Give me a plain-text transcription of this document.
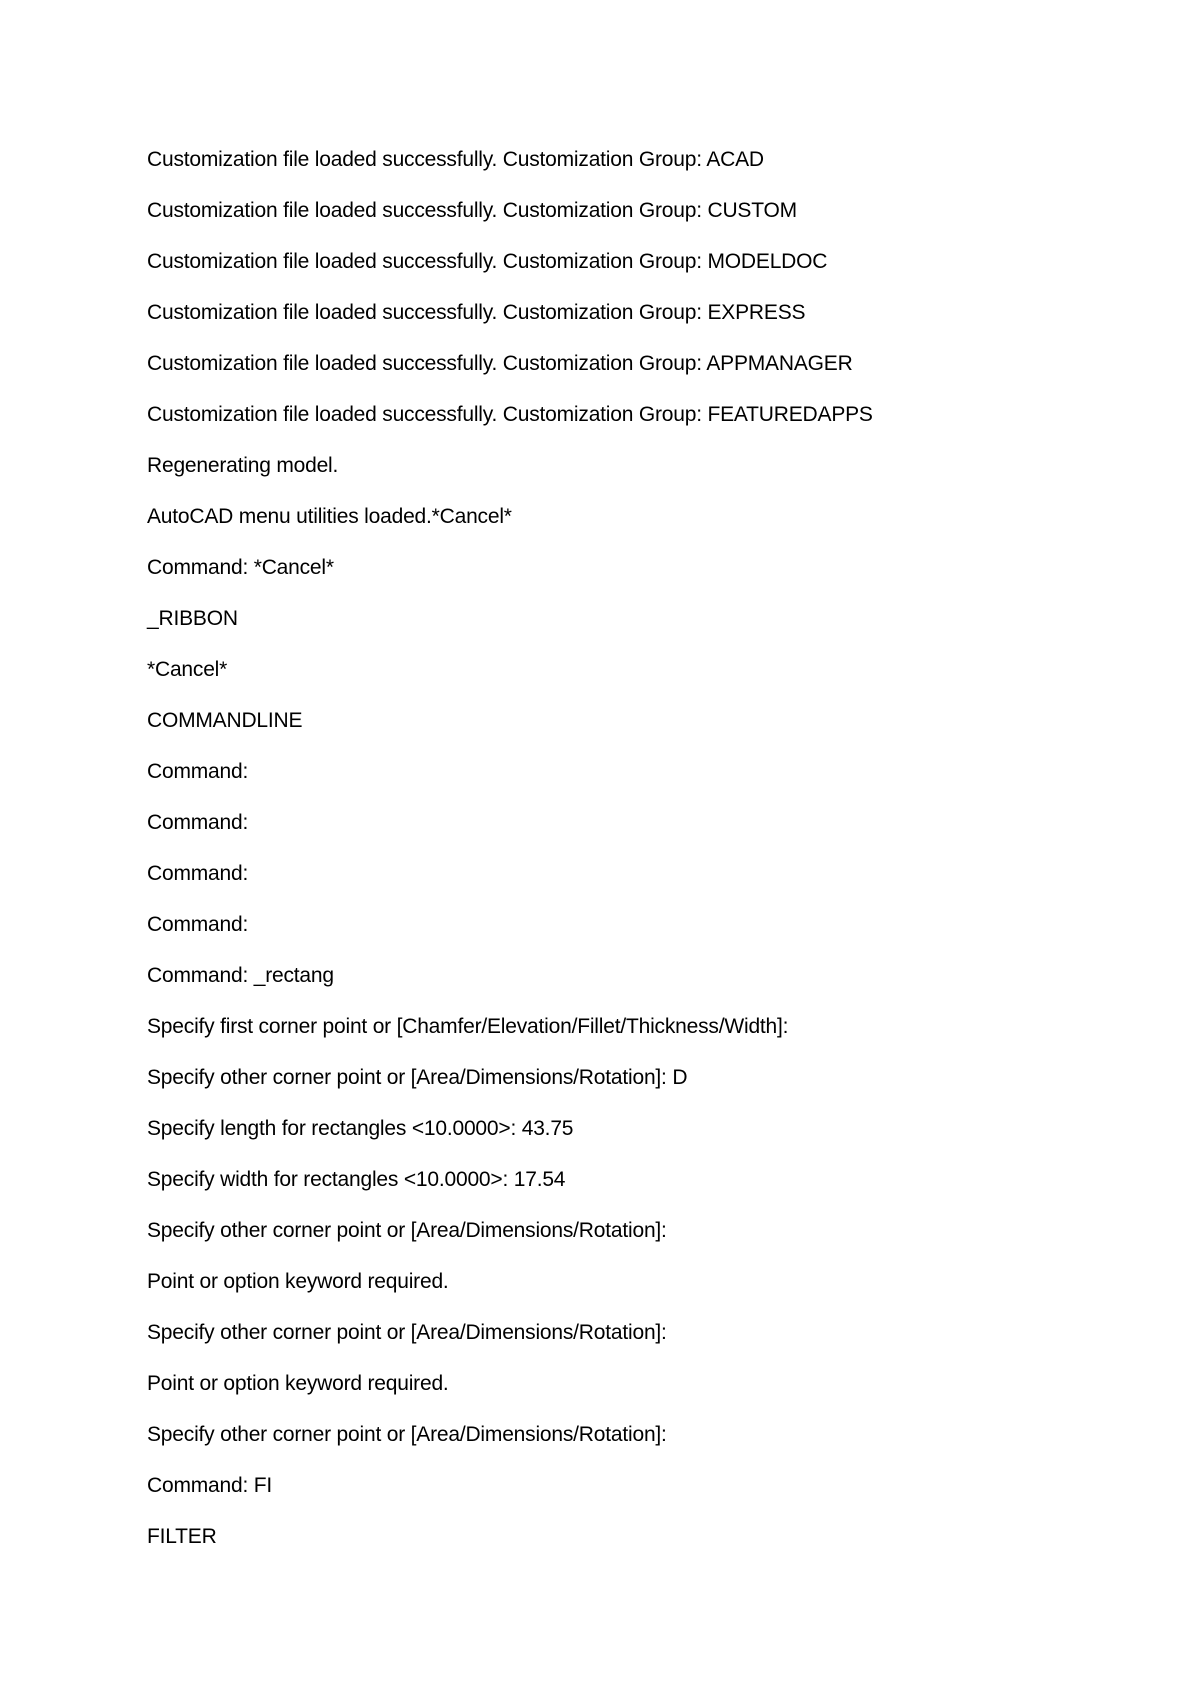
Customization file loaded successfully. Customization Group: ACAD
Customization file loaded successfully. Customization Group: CUSTOM
Customization file loaded successfully. Customization Group: MODELDOC
Customization file loaded successfully. Customization Group: EXPRESS
Customization file loaded successfully. Customization Group: APPMANAGER
Customization file loaded successfully. Customization Group: FEATUREDAPPS
Regenerating model.
AutoCAD menu utilities loaded.*Cancel*
Command: *Cancel*
_RIBBON
*Cancel*
COMMANDLINE
Command:
Command:
Command:
Command:
Command: _rectang
Specify first corner point or [Chamfer/Elevation/Fillet/Thickness/Width]:
Specify other corner point or [Area/Dimensions/Rotation]: D
Specify length for rectangles <10.0000>: 43.75
Specify width for rectangles <10.0000>: 17.54
Specify other corner point or [Area/Dimensions/Rotation]:
Point or option keyword required.
Specify other corner point or [Area/Dimensions/Rotation]:
Point or option keyword required.
Specify other corner point or [Area/Dimensions/Rotation]:
Command: FI
FILTER
